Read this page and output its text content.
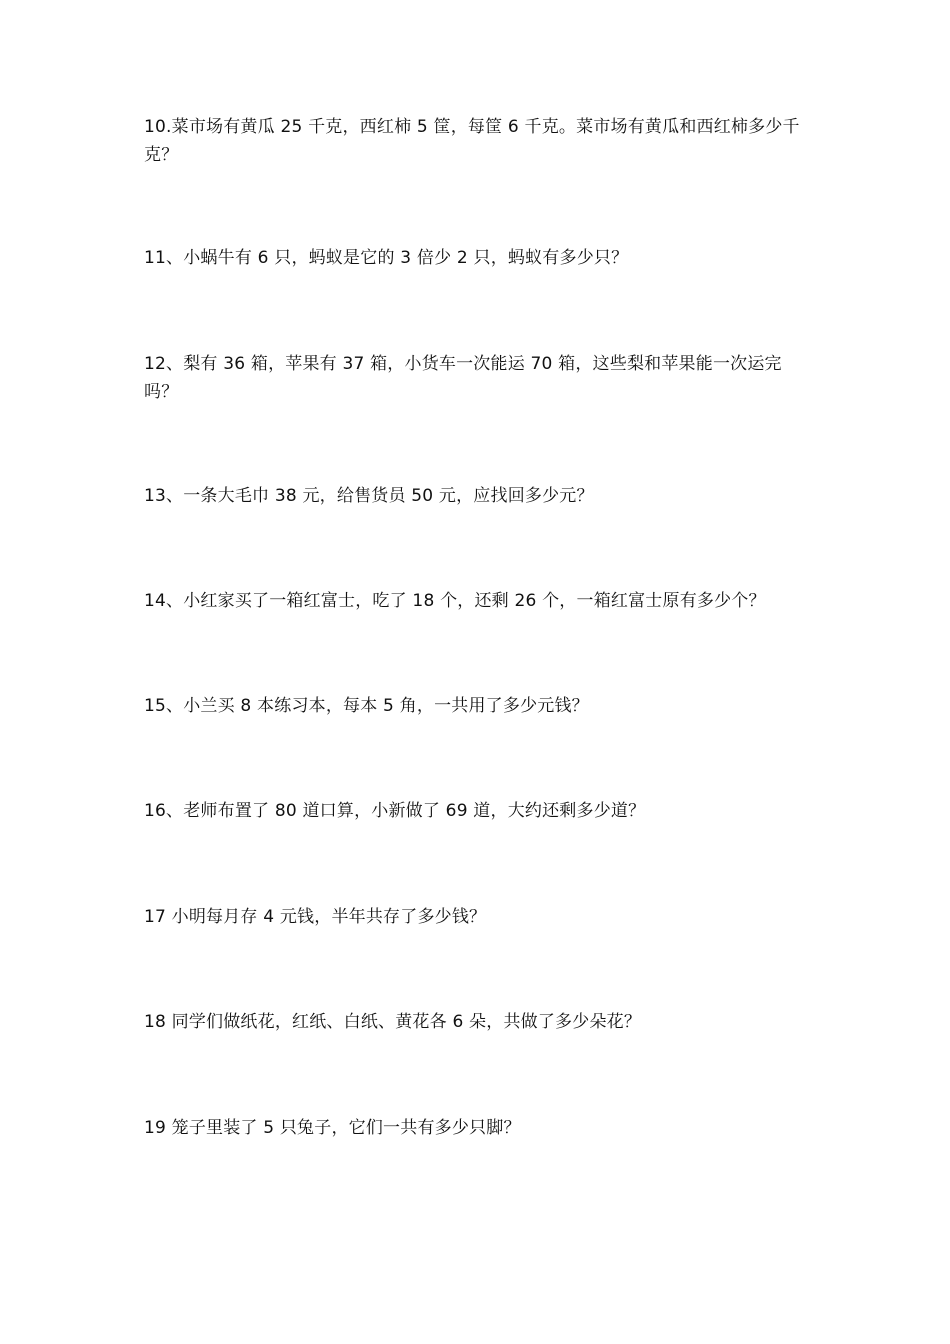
10.菜市场有黄瓜 25 千克，西红柿 5 筐，每筐 6 千克。菜市场有黄瓜和西红柿多少千克？
11、小蜗牛有 6 只，蚂蚁是它的 3 倍少 2 只，蚂蚁有多少只？
12、梨有 36 箱，苹果有 37 箱，小货车一次能运 70 箱，这些梨和苹果能一次运完吗？
13、一条大毛巾 38 元，给售货员 50 元，应找回多少元？
14、小红家买了一箱红富士，吃了 18 个，还剩 26 个，一箱红富士原有多少个？
15、小兰买 8 本练习本，每本 5 角，一共用了多少元钱？
16、老师布置了 80 道口算，小新做了 69 道，大约还剩多少道？
17 小明每月存 4 元钱，半年共存了多少钱？
18 同学们做纸花，红纸、白纸、黄花各 6 朵，共做了多少朵花？
19 笼子里装了 5 只兔子，它们一共有多少只脚？
